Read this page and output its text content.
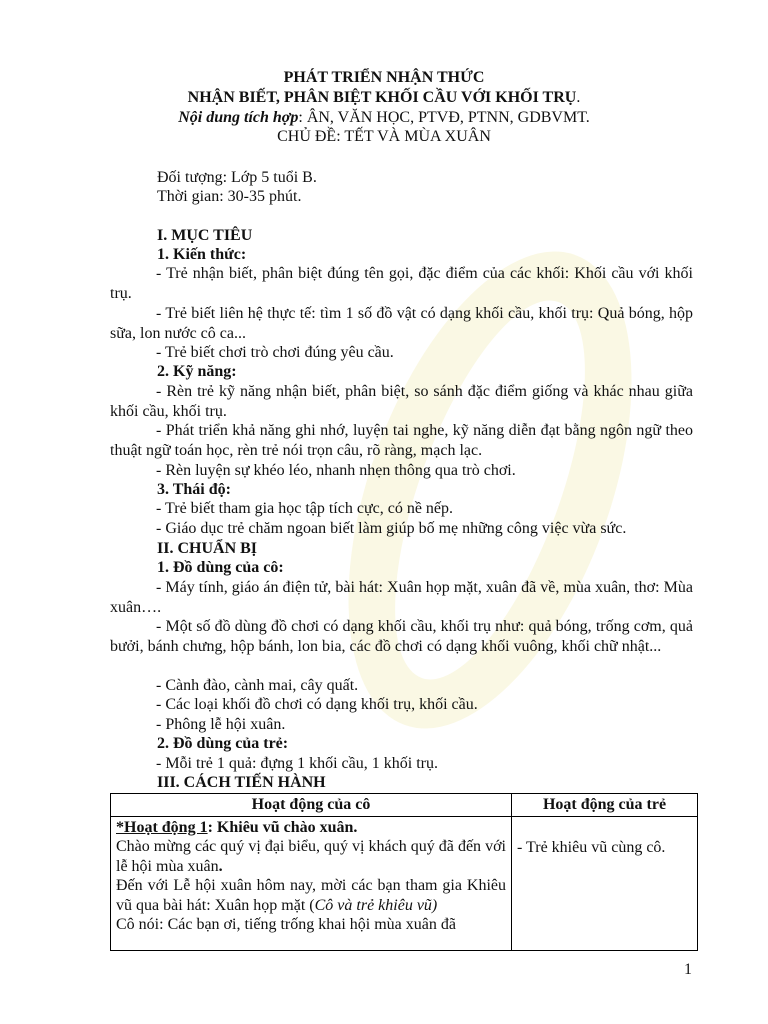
PHÁT TRIỂN NHẬN THỨC
NHẬN BIẾT, PHÂN BIỆT KHỐI CẦU VỚI KHỐI TRỤ.
Nội dung tích hợp: ÂN, VĂN HỌC, PTVĐ, PTNN, GDBVMT.
CHỦ ĐỀ: TẾT VÀ MÙA XUÂN
Đối tượng: Lớp 5 tuổi B.
Thời gian: 30-35 phút.
I. MỤC TIÊU
1. Kiến thức:
- Trẻ nhận biết, phân biệt đúng tên gọi, đặc điểm của các khối: Khối cầu với khối trụ.
- Trẻ biết liên hệ thực tế: tìm 1 số đồ vật có dạng khối cầu, khối trụ: Quả bóng, hộp sữa, lon nước cô ca...
- Trẻ biết chơi trò chơi đúng yêu cầu.
2. Kỹ năng:
- Rèn trẻ kỹ năng nhận biết, phân biệt, so sánh đặc điểm giống và khác nhau giữa khối cầu, khối trụ.
- Phát triển khả năng ghi nhớ, luyện tai nghe, kỹ năng diễn đạt bằng ngôn ngữ theo thuật ngữ toán học, rèn trẻ nói trọn câu, rõ ràng, mạch lạc.
- Rèn luyện sự khéo léo, nhanh nhẹn thông qua trò chơi.
3. Thái độ:
- Trẻ biết tham gia học tập tích cực, có nề nếp.
- Giáo dục trẻ chăm ngoan biết làm giúp bố mẹ những công việc vừa sức.
II. CHUẨN BỊ
1. Đồ dùng của cô:
- Máy tính, giáo án điện tử, bài hát: Xuân họp mặt, xuân đã về, mùa xuân, thơ: Mùa xuân….
- Một số đồ dùng đồ chơi có dạng khối cầu, khối trụ như: quả bóng, trống cơm, quả bưởi, bánh chưng, hộp bánh, lon bia, các đồ chơi có dạng khối vuông, khối chữ nhật...
- Cành đào, cành mai, cây quất.
- Các loại khối đồ chơi có dạng khối trụ, khối cầu.
- Phông lễ hội xuân.
2. Đồ dùng của trẻ:
- Mỗi trẻ 1 quả: đựng 1 khối cầu, 1 khối trụ.
III. CÁCH TIẾN HÀNH
Hoạt động của cô	Hoạt động của trẻ

*Hoạt động 1: Khiêu vũ chào xuân.

Chào mừng các quý vị đại biểu, quý vị khách quý đã đến với lễ hội mùa xuân.

Đến với Lễ hội xuân hôm nay, mời các bạn tham gia Khiêu vũ qua bài hát: Xuân họp mặt (Cô và trẻ khiêu vũ)

Cô nói: Các bạn ơi, tiếng trống khai hội mùa xuân đã	- Trẻ khiêu vũ cùng cô.
1
